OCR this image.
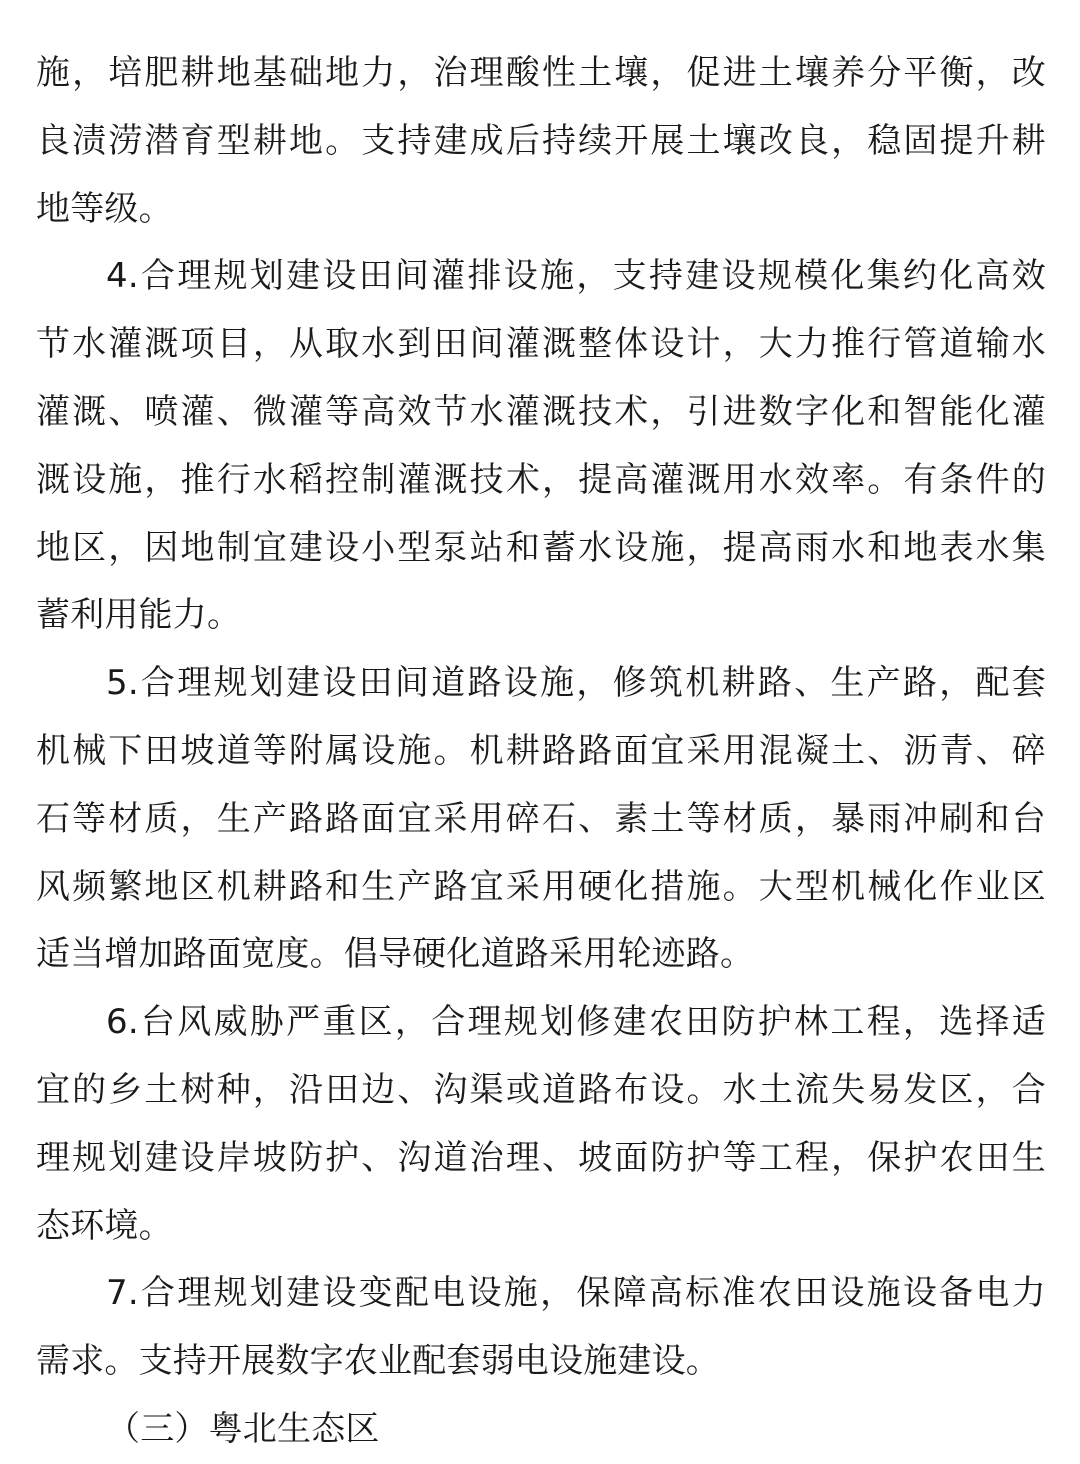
施，培肥耕地基础地力，治理酸性土壤，促进土壤养分平衡，改
良渍涝潜育型耕地。支持建成后持续开展土壤改良，稳固提升耕
地等级。
4.合理规划建设田间灌排设施，支持建设规模化集约化高效
节水灌溉项目，从取水到田间灌溉整体设计，大力推行管道输水
灌溉、喷灌、微灌等高效节水灌溉技术，引进数字化和智能化灌
溉设施，推行水稻控制灌溉技术，提高灌溉用水效率。有条件的
地区，因地制宜建设小型泵站和蓄水设施，提高雨水和地表水集
蓄利用能力。
5.合理规划建设田间道路设施，修筑机耕路、生产路，配套
机械下田坡道等附属设施。机耕路路面宜采用混凝土、沥青、碎
石等材质，生产路路面宜采用碎石、素土等材质，暴雨冲刷和台
风频繁地区机耕路和生产路宜采用硬化措施。大型机械化作业区
适当增加路面宽度。倡导硬化道路采用轮迹路。
6.台风威胁严重区，合理规划修建农田防护林工程，选择适
宜的乡土树种，沿田边、沟渠或道路布设。水土流失易发区，合
理规划建设岸坡防护、沟道治理、坡面防护等工程，保护农田生
态环境。
7.合理规划建设变配电设施，保障高标准农田设施设备电力
需求。支持开展数字农业配套弱电设施建设。
（三）粤北生态区
